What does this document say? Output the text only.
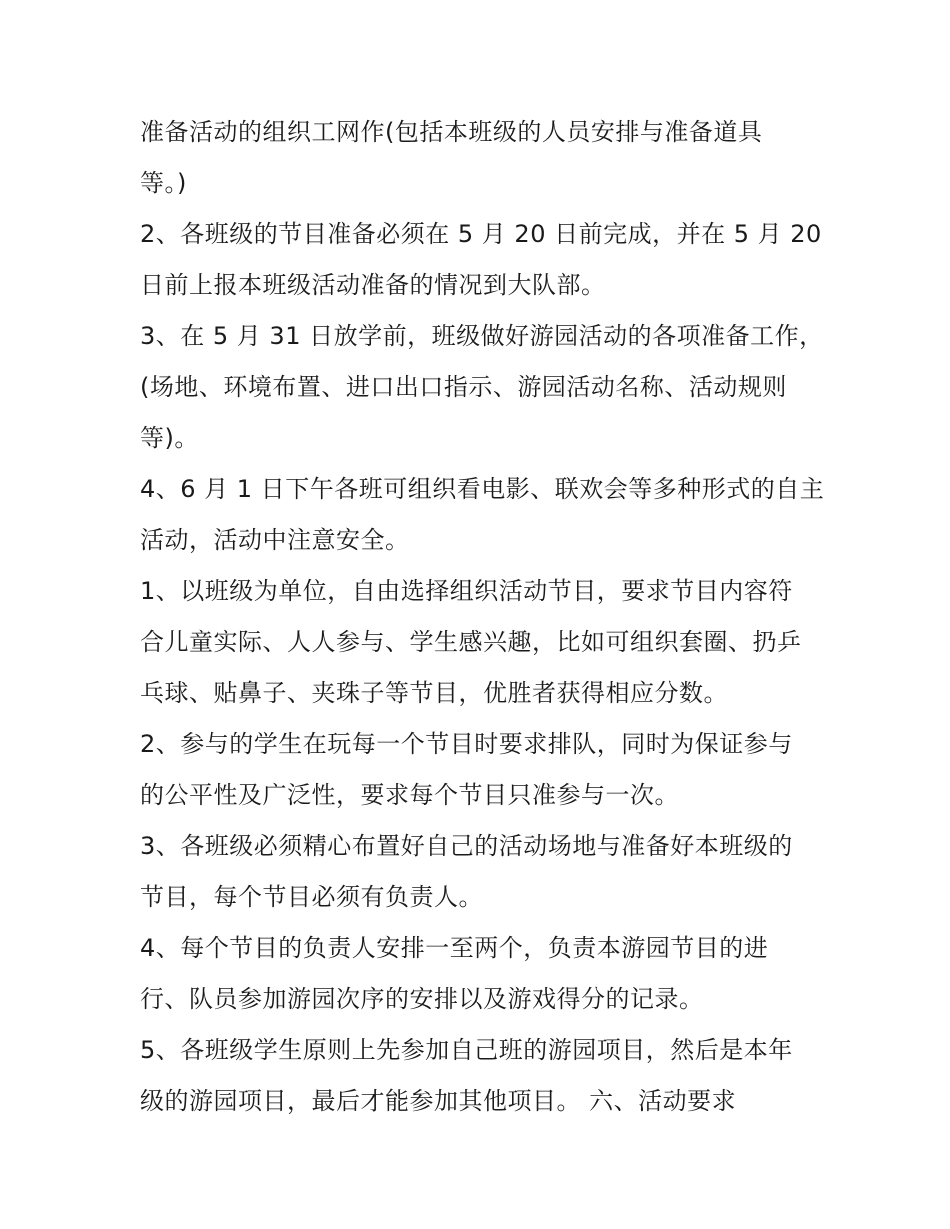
准备活动的组织工网作(包括本班级的人员安排与准备道具
等。)
2、各班级的节目准备必须在 5 月 20 日前完成，并在 5 月 20
日前上报本班级活动准备的情况到大队部。
3、在 5 月 31 日放学前，班级做好游园活动的各项准备工作，
(场地、环境布置、进口出口指示、游园活动名称、活动规则
等)。
4、6 月 1 日下午各班可组织看电影、联欢会等多种形式的自主
活动，活动中注意安全。
1、以班级为单位，自由选择组织活动节目，要求节目内容符
合儿童实际、人人参与、学生感兴趣，比如可组织套圈、扔乒
乓球、贴鼻子、夹珠子等节目，优胜者获得相应分数。
2、参与的学生在玩每一个节目时要求排队，同时为保证参与
的公平性及广泛性，要求每个节目只准参与一次。
3、各班级必须精心布置好自己的活动场地与准备好本班级的
节目，每个节目必须有负责人。
4、每个节目的负责人安排一至两个，负责本游园节目的进
行、队员参加游园次序的安排以及游戏得分的记录。
5、各班级学生原则上先参加自己班的游园项目，然后是本年
级的游园项目，最后才能参加其他项目。 六、活动要求
